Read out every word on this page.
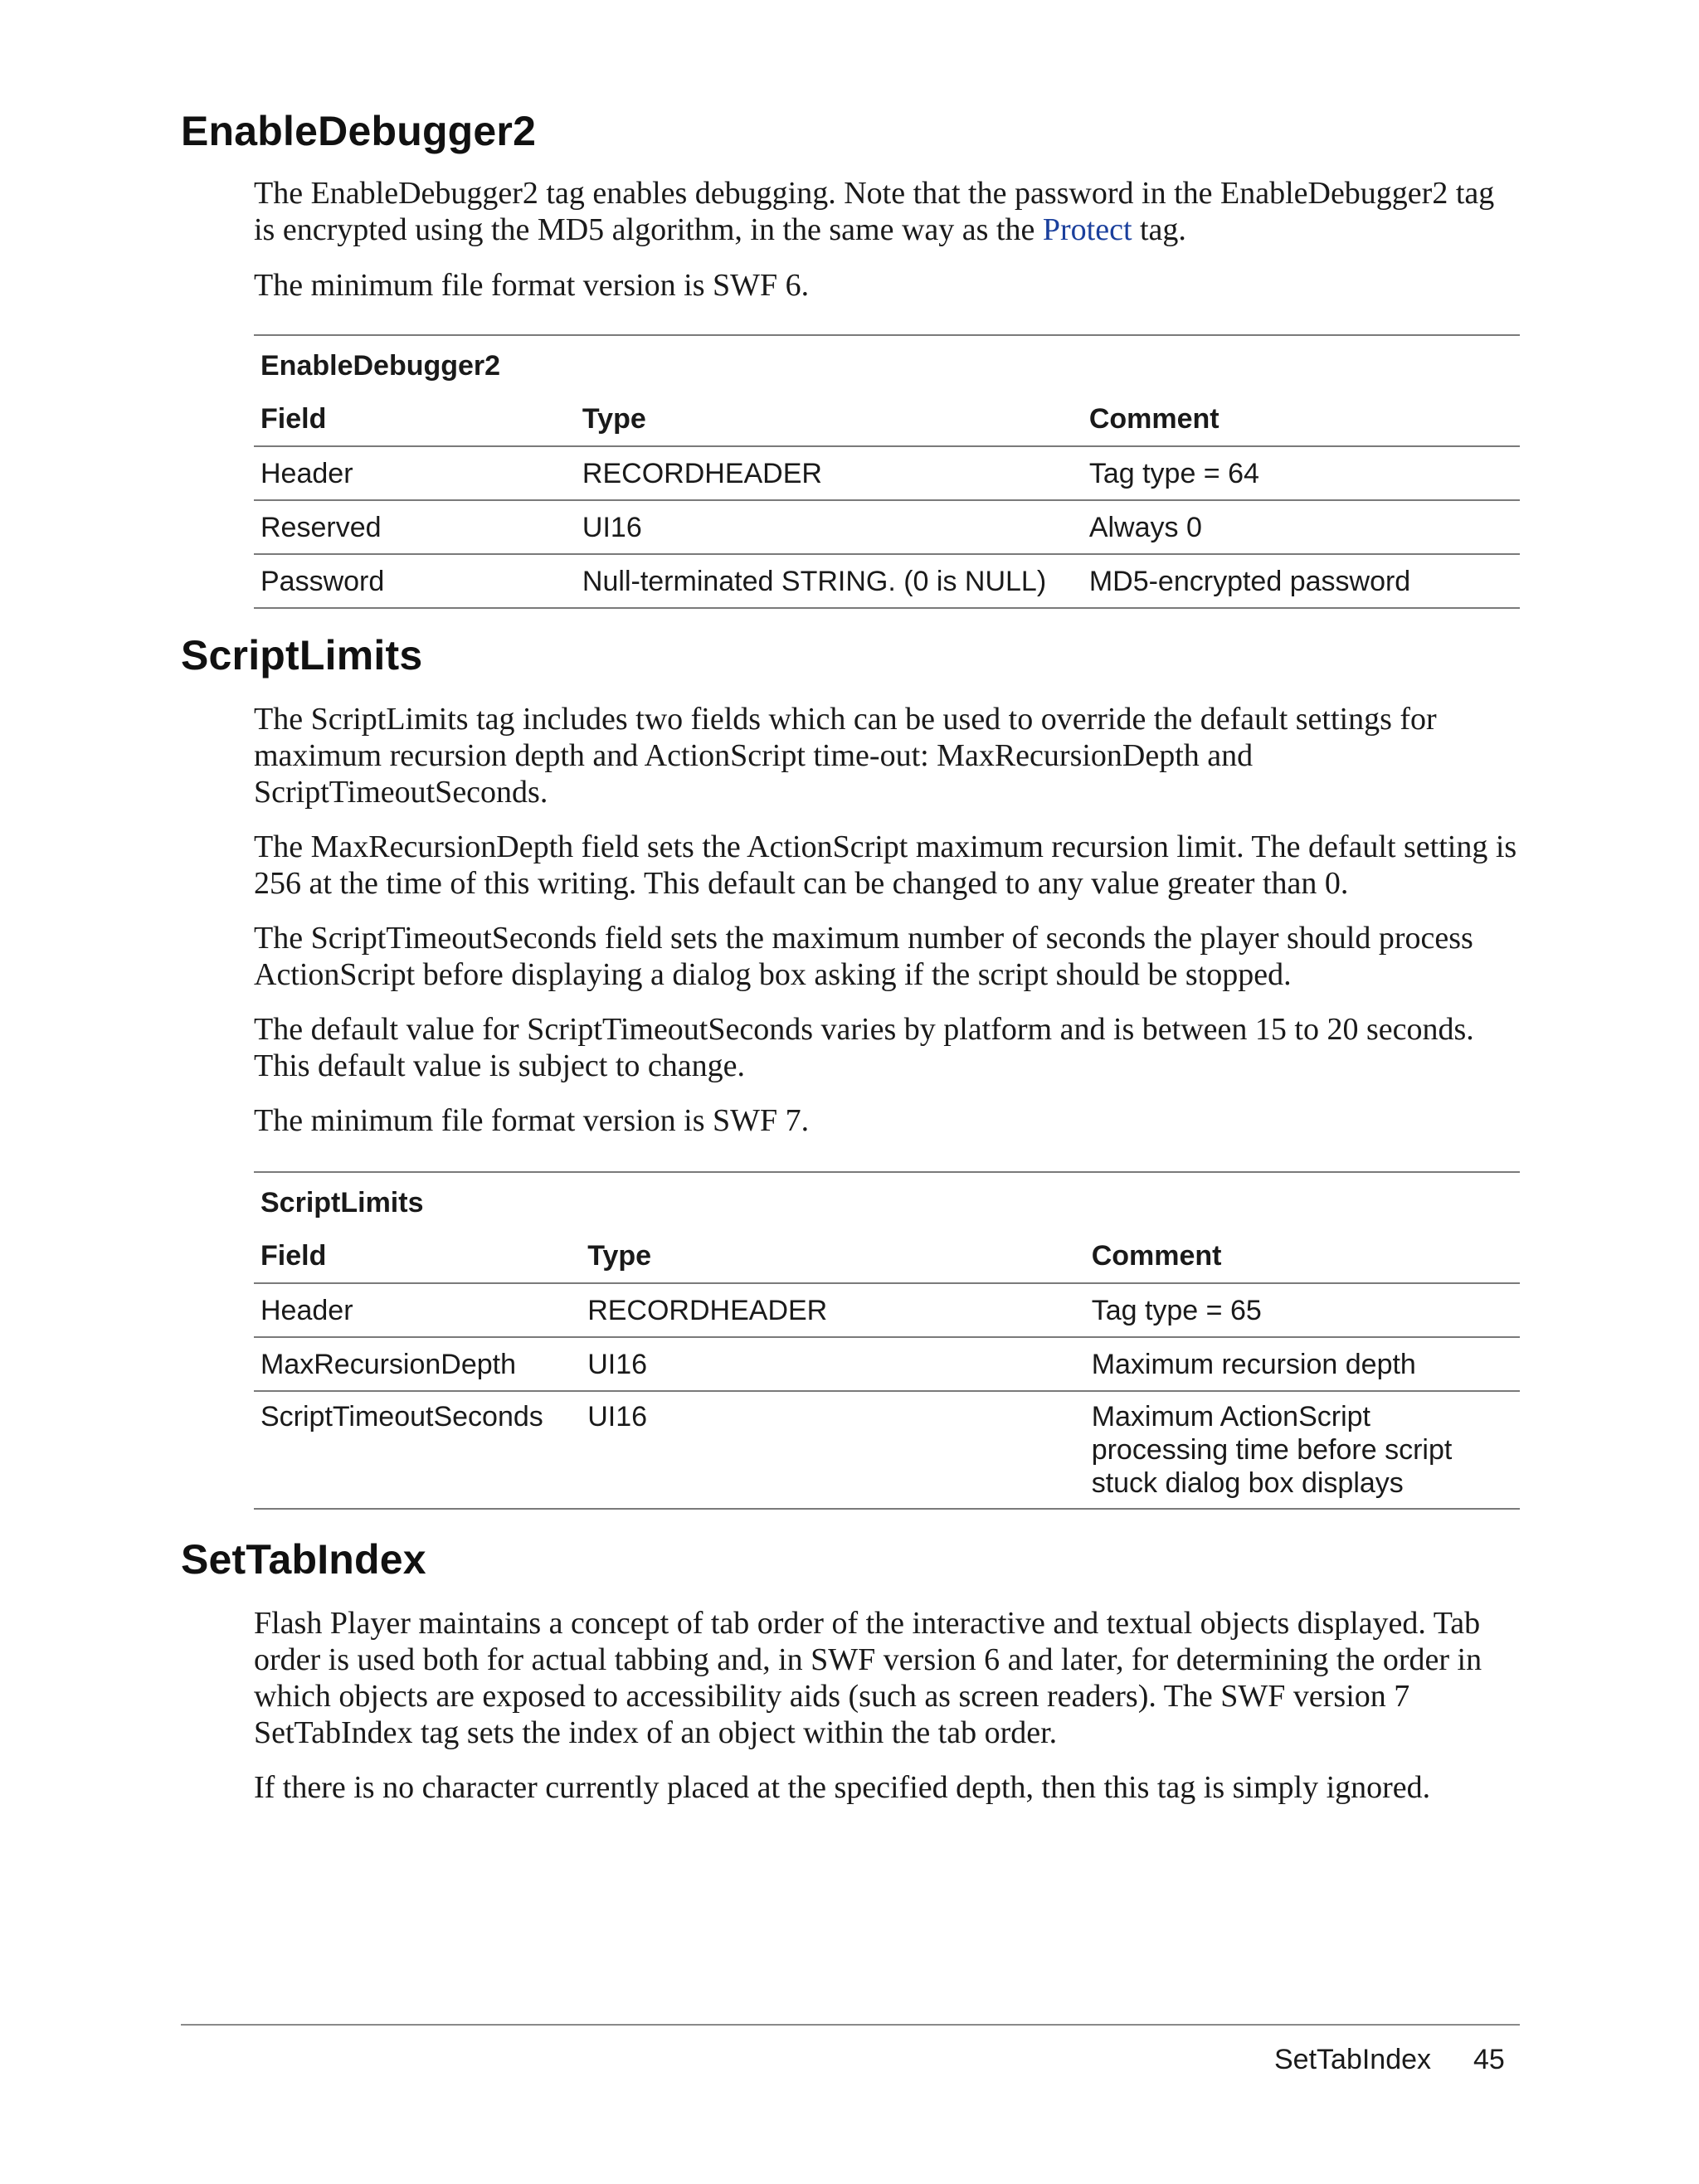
EnableDebugger2

The EnableDebugger2 tag enables debugging. Note that the password in the EnableDebugger2 tag is encrypted using the MD5 algorithm, in the same way as the Protect tag.

The minimum file format version is SWF 6.

EnableDebugger2		
Field	Type	Comment
Header	RECORDHEADER	Tag type = 64
Reserved	UI16	Always 0
Password	Null-terminated STRING. (0 is NULL)	MD5-encrypted password
ScriptLimits

The ScriptLimits tag includes two fields which can be used to override the default settings for maximum recursion depth and ActionScript time-out: MaxRecursionDepth and ScriptTimeoutSeconds.

The MaxRecursionDepth field sets the ActionScript maximum recursion limit. The default setting is 256 at the time of this writing. This default can be changed to any value greater than 0.

The ScriptTimeoutSeconds field sets the maximum number of seconds the player should process ActionScript before displaying a dialog box asking if the script should be stopped.

The default value for ScriptTimeoutSeconds varies by platform and is between 15 to 20 seconds. This default value is subject to change.

The minimum file format version is SWF 7.

ScriptLimits		
Field	Type	Comment
Header	RECORDHEADER	Tag type = 65
MaxRecursionDepth	UI16	Maximum recursion depth
ScriptTimeoutSeconds	UI16	Maximum ActionScript processing time before script stuck dialog box displays
SetTabIndex

Flash Player maintains a concept of tab order of the interactive and textual objects displayed. Tab order is used both for actual tabbing and, in SWF version 6 and later, for determining the order in which objects are exposed to accessibility aids (such as screen readers). The SWF version 7 SetTabIndex tag sets the index of an object within the tab order.

If there is no character currently placed at the specified depth, then this tag is simply ignored.

SetTabIndex 45
